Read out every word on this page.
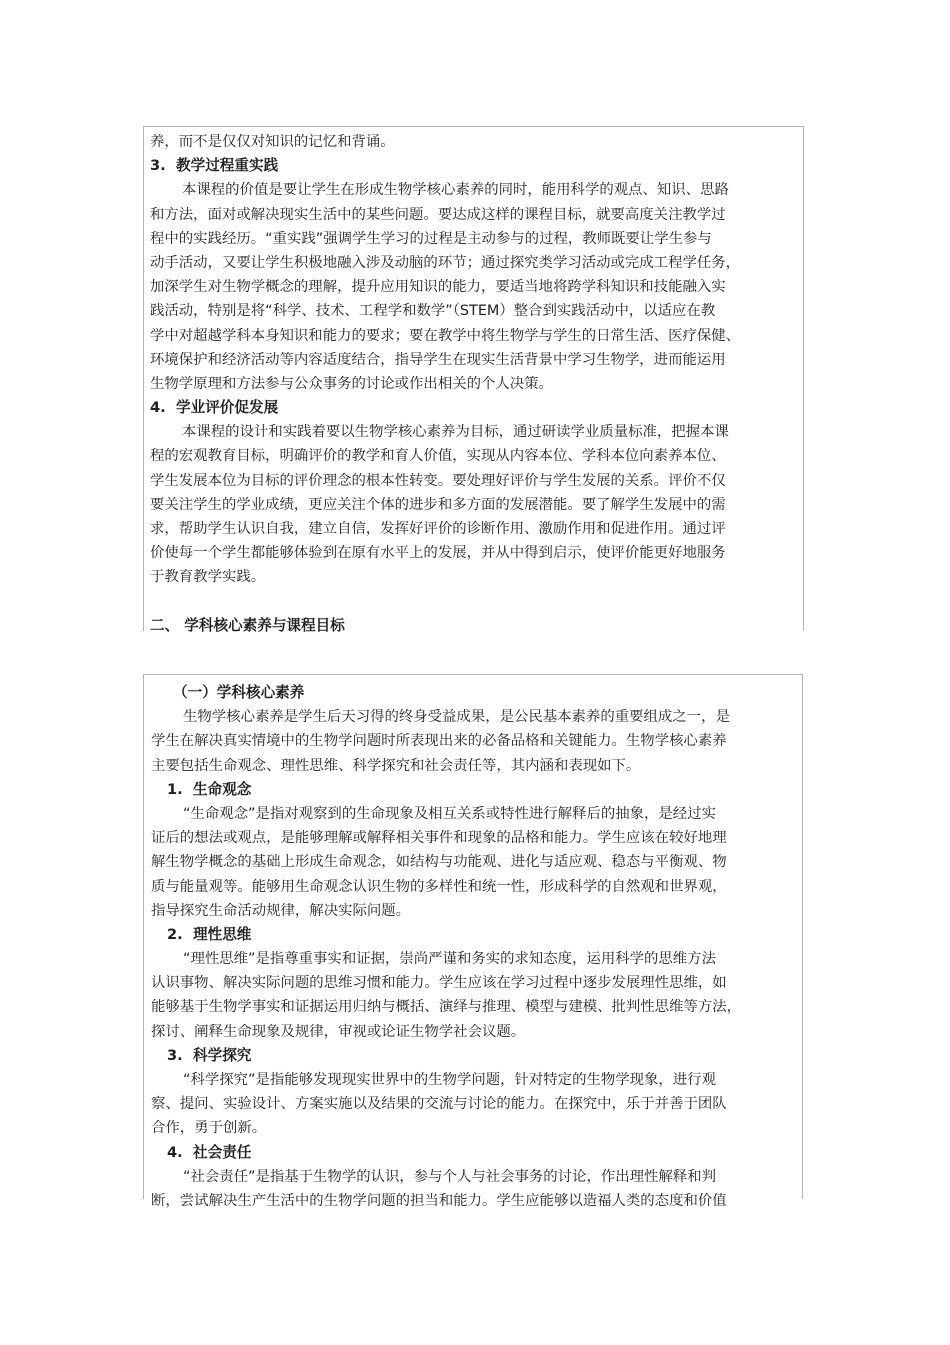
养，而不是仅仅对知识的记忆和背诵。
3. 教学过程重实践
本课程的价值是要让学生在形成生物学核心素养的同时，能用科学的观点、知识、思路
和方法，面对或解决现实生活中的某些问题。要达成这样的课程目标，就要高度关注教学过
程中的实践经历。“重实践”强调学生学习的过程是主动参与的过程，教师既要让学生参与
动手活动，又要让学生积极地融入涉及动脑的环节；通过探究类学习活动或完成工程学任务，
加深学生对生物学概念的理解，提升应用知识的能力，要适当地将跨学科知识和技能融入实
践活动，特别是将“科学、技术、工程学和数学”（STEM）整合到实践活动中，以适应在教
学中对超越学科本身知识和能力的要求；要在教学中将生物学与学生的日常生活、医疗保健、
环境保护和经济活动等内容适度结合，指导学生在现实生活背景中学习生物学，进而能运用
生物学原理和方法参与公众事务的讨论或作出相关的个人决策。
4. 学业评价促发展
本课程的设计和实践着要以生物学核心素养为目标，通过研读学业质量标准，把握本课
程的宏观教育目标，明确评价的教学和育人价值，实现从内容本位、学科本位向素养本位、
学生发展本位为目标的评价理念的根本性转变。要处理好评价与学生发展的关系。评价不仅
要关注学生的学业成绩，更应关注个体的进步和多方面的发展潜能。要了解学生发展中的需
求，帮助学生认识自我，建立自信，发挥好评价的诊断作用、激励作用和促进作用。通过评
价使每一个学生都能够体验到在原有水平上的发展，并从中得到启示，使评价能更好地服务
于教育教学实践。
二、 学科核心素养与课程目标
（一）学科核心素养
生物学核心素养是学生后天习得的终身受益成果，是公民基本素养的重要组成之一，是
学生在解决真实情境中的生物学问题时所表现出来的必备品格和关键能力。生物学核心素养
主要包括生命观念、理性思维、科学探究和社会责任等，其内涵和表现如下。
1. 生命观念
“生命观念”是指对观察到的生命现象及相互关系或特性进行解释后的抽象，是经过实
证后的想法或观点，是能够理解或解释相关事件和现象的品格和能力。学生应该在较好地理
解生物学概念的基础上形成生命观念，如结构与功能观、进化与适应观、稳态与平衡观、物
质与能量观等。能够用生命观念认识生物的多样性和统一性，形成科学的自然观和世界观，
指导探究生命活动规律，解决实际问题。
2. 理性思维
“理性思维”是指尊重事实和证据，崇尚严谨和务实的求知态度，运用科学的思维方法
认识事物、解决实际问题的思维习惯和能力。学生应该在学习过程中逐步发展理性思维，如
能够基于生物学事实和证据运用归纳与概括、演绎与推理、模型与建模、批判性思维等方法，
探讨、阐释生命现象及规律，审视或论证生物学社会议题。
3. 科学探究
“科学探究”是指能够发现现实世界中的生物学问题，针对特定的生物学现象，进行观
察、提问、实验设计、方案实施以及结果的交流与讨论的能力。在探究中，乐于并善于团队
合作，勇于创新。
4. 社会责任
“社会责任”是指基于生物学的认识，参与个人与社会事务的讨论，作出理性解释和判
断，尝试解决生产生活中的生物学问题的担当和能力。学生应能够以造福人类的态度和价值
